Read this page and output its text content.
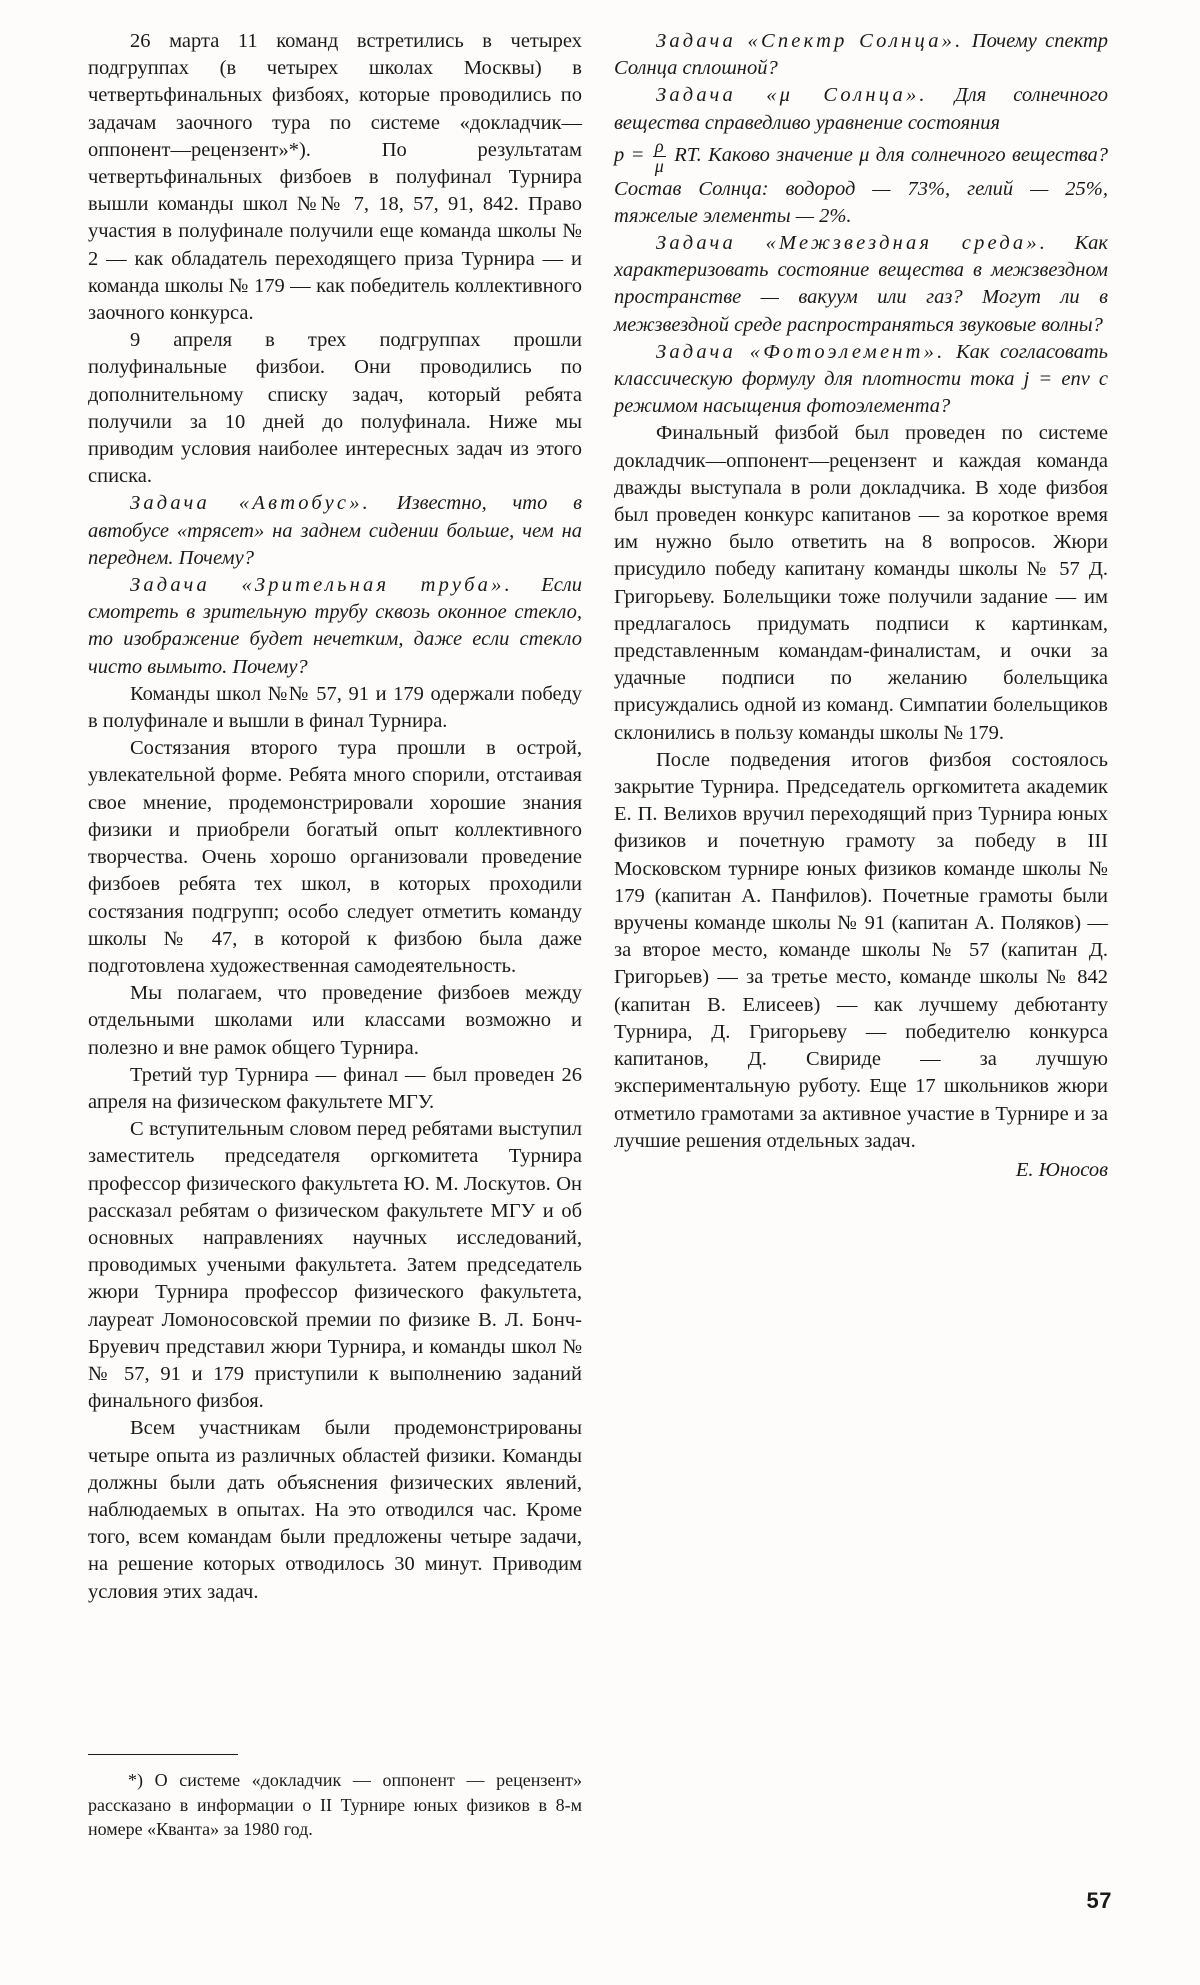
26 марта 11 команд встретились в четырех подгруппах (в четырех школах Москвы) в четвертьфинальных физбоях, которые проводились по задачам заочного тура по системе «докладчик—оппонент—рецензент»*). По результатам четвертьфинальных физбоев в полуфинал Турнира вышли команды школ №№ 7, 18, 57, 91, 842. Право участия в полуфинале получили еще команда школы № 2 — как обладатель переходящего приза Турнира — и команда школы № 179 — как победитель коллективного заочного конкурса.

9 апреля в трех подгруппах прошли полуфинальные физбои. Они проводились по дополнительному списку задач, который ребята получили за 10 дней до полуфинала. Ниже мы приводим условия наиболее интересных задач из этого списка.

Задача «Автобус». Известно, что в автобусе «трясет» на заднем сидении больше, чем на переднем. Почему?

Задача «Зрительная труба». Если смотреть в зрительную трубу сквозь оконное стекло, то изображение будет нечетким, даже если стекло чисто вымыто. Почему?

Команды школ №№ 57, 91 и 179 одержали победу в полуфинале и вышли в финал Турнира.

Состязания второго тура прошли в острой, увлекательной форме. Ребята много спорили, отстаивая свое мнение, продемонстрировали хорошие знания физики и приобрели богатый опыт коллективного творчества. Очень хорошо организовали проведение физбоев ребята тех школ, в которых проходили состязания подгрупп; особо следует отметить команду школы № 47, в которой к физбою была даже подготовлена художественная самодеятельность.

Мы полагаем, что проведение физбоев между отдельными школами или классами возможно и полезно и вне рамок общего Турнира.

Третий тур Турнира — финал — был проведен 26 апреля на физическом факультете МГУ.

С вступительным словом перед ребятами выступил заместитель председателя оргкомитета Турнира профессор физического факультета Ю. М. Лоскутов. Он рассказал ребятам о физическом факультете МГУ и об основных направлениях научных исследований, проводимых учеными факультета. Затем председатель жюри Турнира профессор физического факультета, лауреат Ломоносовской премии по физике В. Л. Бонч-Бруевич представил жюри Турнира, и команды школ №№ 57, 91 и 179 приступили к выполнению заданий финального физбоя.

Всем участникам были продемонстрированы четыре опыта из различных областей физики. Команды должны были дать объяснения физических явлений, наблюдаемых в опытах. На это отводился час. Кроме того, всем командам были предложены четыре задачи, на решение которых отводилось 30 минут. Приводим условия этих задач.

Задача «Спектр Солнца». Почему спектр Солнца сплошной?

Задача «μ Солнца». Для солнечного вещества справедливо уравнение состояния

$p = \frac{\rho}{\mu}$ RT. Каково значение μ для солнечного вещества? Состав Солнца: водород — 73%, гелий — 25%, тяжелые элементы — 2%.

Задача «Межзвездная среда». Как характеризовать состояние вещества в межзвездном пространстве — вакуум или газ? Могут ли в межзвездной среде распространяться звуковые волны?

Задача «Фотоэлемент». Как согласовать классическую формулу для плотности тока j = enν с режимом насыщения фотоэлемента?

Финальный физбой был проведен по системе докладчик—оппонент—рецензент и каждая команда дважды выступала в роли докладчика. В ходе физбоя был проведен конкурс капитанов — за короткое время им нужно было ответить на 8 вопросов. Жюри присудило победу капитану команды школы № 57 Д. Григорьеву. Болельщики тоже получили задание — им предлагалось придумать подписи к картинкам, представленным командам-финалистам, и очки за удачные подписи по желанию болельщика присуждались одной из команд. Симпатии болельщиков склонились в пользу команды школы № 179.

После подведения итогов физбоя состоялось закрытие Турнира. Председатель оргкомитета академик Е. П. Велихов вручил переходящий приз Турнира юных физиков и почетную грамоту за победу в III Московском турнире юных физиков команде школы № 179 (капитан А. Панфилов). Почетные грамоты были вручены команде школы № 91 (капитан А. Поляков) — за второе место, команде школы № 57 (капитан Д. Григорьев) — за третье место, команде школы № 842 (капитан В. Елисеев) — как лучшему дебютанту Турнира, Д. Григорьеву — победителю конкурса капитанов, Д. Свириде — за лучшую экспериментальную руботу. Еще 17 школьников жюри отметило грамотами за активное участие в Турнире и за лучшие решения отдельных задач.

Е. Юносов

*) О системе «докладчик — оппонент — рецензент» рассказано в информации о II Турнире юных физиков в 8-м номере «Кванта» за 1980 год.

57
